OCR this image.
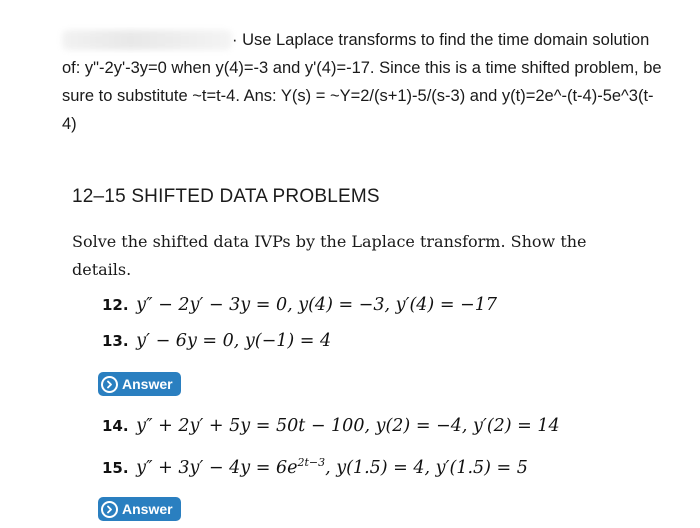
· Use Laplace transforms to find the time domain solution of: y"-2y'-3y=0 when y(4)=-3 and y'(4)=-17. Since this is a time shifted problem, be sure to substitute ~t=t-4. Ans: Y(s) = ~Y=2/(s+1)-5/(s-3) and y(t)=2e^-(t-4)-5e^3(t-4)
12–15 SHIFTED DATA PROBLEMS

Solve the shifted data IVPs by the Laplace transform. Show the details.

12. y″ − 2y′ − 3y = 0, y(4) = −3, y′(4) = −17
13. y′ − 6y = 0, y(−1) = 4
Answer
14. y″ + 2y′ + 5y = 50t − 100, y(2) = −4, y′(2) = 14
15. $y'' + 3y' - 4y = 6e^{2t-3}$, y(1.5) = 4, y′(1.5) = 5
Answer
